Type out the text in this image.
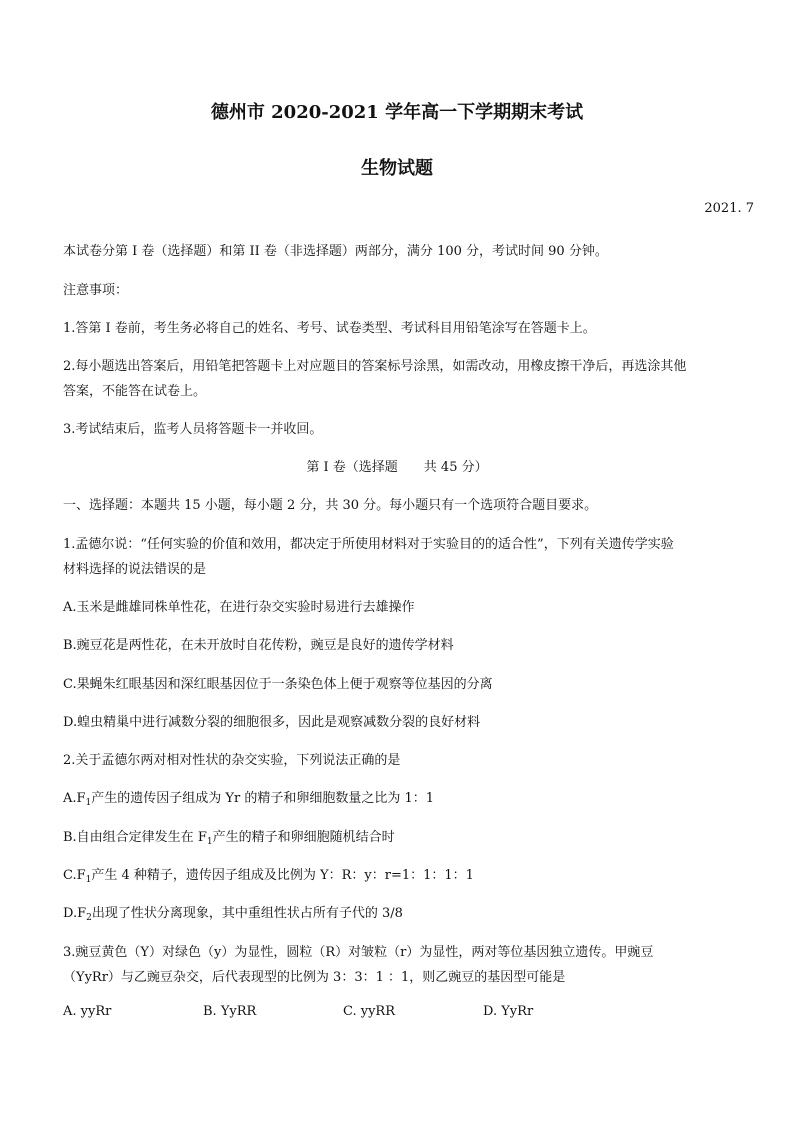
德州市 2020-2021 学年高一下学期期末考试
生物试题
2021. 7
本试卷分第 I 卷（选择题）和第 II 卷（非选择题）两部分，满分 100 分，考试时间 90 分钟。
注意事项：
1.答第 I 卷前，考生务必将自己的姓名、考号、试卷类型、考试科目用铅笔涂写在答题卡上。
2.每小题选出答案后，用铅笔把答题卡上对应题目的答案标号涂黑，如需改动，用橡皮擦干净后，再选涂其他
答案，不能答在试卷上。
3.考试结束后，监考人员将答题卡一并收回。
第 I 卷（选择题　　共 45 分）
一、选择题：本题共 15 小题，每小题 2 分，共 30 分。每小题只有一个选项符合题目要求。
1.孟德尔说：“任何实验的价值和效用，都决定于所使用材料对于实验目的的适合性”，下列有关遗传学实验
材料选择的说法错误的是
A.玉米是雌雄同株单性花，在进行杂交实验时易进行去雄操作
B.豌豆花是两性花，在未开放时自花传粉，豌豆是良好的遗传学材料
C.果蝇朱红眼基因和深红眼基因位于一条染色体上便于观察等位基因的分离
D.蝗虫精巢中进行减数分裂的细胞很多，因此是观察减数分裂的良好材料
2.关于孟德尔两对相对性状的杂交实验，下列说法正确的是
$A.F_1$产生的遗传因子组成为 Yr 的精子和卵细胞数量之比为 1：1
B.自由组合定律发生在 $F_1$产生的精子和卵细胞随机结合时
$C.F_1$产生 4 种精子，遗传因子组成及比例为 Y：R：y：r=1：1：1：1
$D.F_2$出现了性状分离现象，其中重组性状占所有子代的 3/8
3.豌豆黄色（Y）对绿色（y）为显性，圆粒（R）对皱粒（r）为显性，两对等位基因独立遗传。甲豌豆
（YyRr）与乙豌豆杂交，后代表现型的比例为 3：3：1 ：1，则乙豌豆的基因型可能是
A. yyRr	B. YyRR	C. yyRR	D. YyRr
